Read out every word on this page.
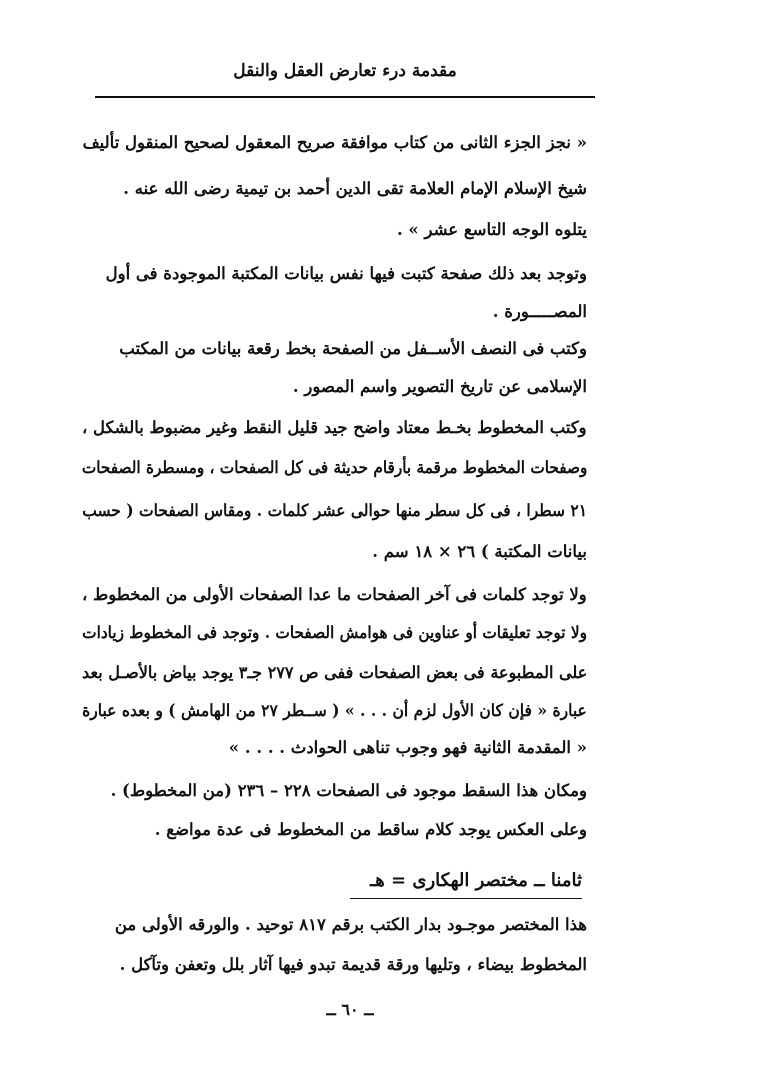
مقدمة درء تعارض العقل والنقل
« نجز الجزء الثانى من كتاب موافقة صريح المعقول لصحيح المنقول تأليف
شيخ الإسلام الإمام العلامة تقى الدين أحمد بن تيمية رضى الله عنه .
يتلوه الوجه التاسع عشر » .
وتوجد بعد ذلك صفحة كتبت فيها نفس بيانات المكتبة الموجودة فى أول
المصـــــورة .
وكتب فى النصف الأســفل من الصفحة بخط رقعة بيانات من المكتب
الإسلامى عن تاريخ التصوير واسم المصور .
وكتب المخطوط بخـط معتاد واضح جيد قليل النقط وغير مضبوط بالشكل ،
وصفحات المخطوط مرقمة بأرقام حديثة فى كل الصفحات ، ومسطرة الصفحات
٢١ سطرا ، فى كل سطر منها حوالى عشر كلمات . ومقاس الصفحات ( حسب
بيانات المكتبة ) ٢٦ × ١٨ سم .
ولا توجد كلمات فى آخر الصفحات ما عدا الصفحات الأولى من المخطوط ،
ولا توجد تعليقات أو عناوين فى هوامش الصفحات . وتوجد فى المخطوط زيادات
على المطبوعة فى بعض الصفحات ففى ص ٢٧٧ جـ٣ يوجد بياض بالأصـل بعد
عبارة « فإن كان الأول لزم أن . . . » ( ســطر ٢٧ من الهامش ) و بعده عبارة
« المقدمة الثانية فهو وجوب تناهى الحوادث . . . . »
ومكان هذا السقط موجود فى الصفحات ٢٢٨ – ٢٣٦ (من المخطوط) .
وعلى العكس يوجد كلام ساقط من المخطوط فى عدة مواضع .
ثامنا ــ مختصر الهكارى = هـ
هذا المختصر موجـود بدار الكتب برقم ٨١٧ توحيد . والورقه الأولى من
المخطوط بيضاء ، وتليها ورقة قديمة تبدو فيها آثار بلل وتعفن وتآكل .
ــ ٦٠ ــ
